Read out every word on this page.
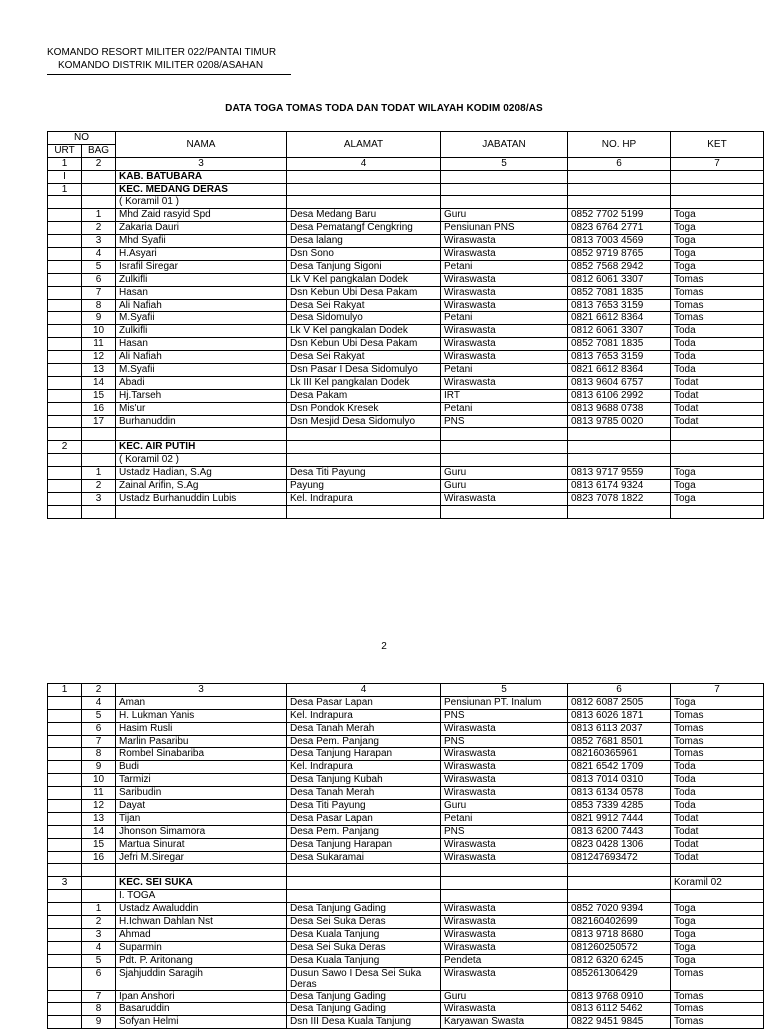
KOMANDO RESORT MILITER 022/PANTAI TIMUR
KOMANDO DISTRIK MILITER 0208/ASAHAN
DATA TOGA TOMAS TODA DAN TODAT WILAYAH KODIM 0208/AS
NO		NAMA	ALAMAT	JABATAN	NO. HP	KET
URT	BAG					
1	2	3	4	5	6	7
I		KAB. BATUBARA				
1		KEC. MEDANG DERAS				
		( Koramil 01 )				
	1	Mhd Zaid rasyid Spd	Desa Medang Baru	Guru	0852 7702 5199	Toga
	2	Zakaria Dauri	Desa Pematangf Cengkring	Pensiunan PNS	0823 6764 2771	Toga
	3	Mhd Syafii	Desa lalang	Wiraswasta	0813 7003 4569	Toga
	4	H.Asyari	Dsn Sono	Wiraswasta	0852 9719 8765	Toga
	5	Israfil Siregar	Desa Tanjung Sigoni	Petani	0852 7568 2942	Toga
	6	Zulkifli	Lk V Kel pangkalan Dodek	Wiraswasta	0812 6061 3307	Tomas
	7	Hasan	Dsn Kebun Ubi Desa Pakam	Wiraswasta	0852 7081 1835	Tomas
	8	Ali Nafiah	Desa Sei Rakyat	Wiraswasta	0813 7653 3159	Tomas
	9	M.Syafii	Desa Sidomulyo	Petani	0821 6612 8364	Tomas
	10	Zulkifli	Lk V Kel pangkalan Dodek	Wiraswasta	0812 6061 3307	Toda
	11	Hasan	Dsn Kebun Ubi Desa Pakam	Wiraswasta	0852 7081 1835	Toda
	12	Ali Nafiah	Desa Sei Rakyat	Wiraswasta	0813 7653 3159	Toda
	13	M.Syafii	Dsn Pasar I Desa Sidomulyo	Petani	0821 6612 8364	Toda
	14	Abadi	Lk III Kel pangkalan Dodek	Wiraswasta	0813 9604 6757	Todat
	15	Hj.Tarseh	Desa Pakam	IRT	0813 6106 2992	Todat
	16	Mis'ur	Dsn Pondok Kresek	Petani	0813 9688 0738	Todat
	17	Burhanuddin	Dsn Mesjid Desa Sidomulyo	PNS	0813 9785 0020	Todat

2		KEC. AIR PUTIH				
		( Koramil 02 )				
	1	Ustadz Hadian, S.Ag	Desa Titi Payung	Guru	0813 9717 9559	Toga
	2	Zainal Arifin, S.Ag	Payung	Guru	0813 6174 9324	Toga
	3	Ustadz Burhanuddin Lubis	Kel. Indrapura	Wiraswasta	0823 7078 1822	Toga

2
1	2	3	4	5	6	7
	4	Aman	Desa Pasar Lapan	Pensiunan PT. Inalum	0812 6087 2505	Toga
	5	H. Lukman Yanis	Kel. Indrapura	PNS	0813 6026 1871	Tomas
	6	Hasim Rusli	Desa Tanah Merah	Wiraswasta	0813 6113 2037	Tomas
	7	Marlin Pasaribu	Desa Pem. Panjang	PNS	0852 7681 8501	Tomas
	8	Rombel Sinabariba	Desa Tanjung Harapan	Wiraswasta	082160365961	Tomas
	9	Budi	Kel. Indrapura	Wiraswasta	0821 6542 1709	Toda
	10	Tarmizi	Desa Tanjung Kubah	Wiraswasta	0813 7014 0310	Toda
	11	Saribudin	Desa Tanah Merah	Wiraswasta	0813 6134 0578	Toda
	12	Dayat	Desa Titi Payung	Guru	0853 7339 4285	Toda
	13	Tijan	Desa Pasar Lapan	Petani	0821 9912 7444	Todat
	14	Jhonson Simamora	Desa Pem. Panjang	PNS	0813 6200 7443	Todat
	15	Martua Sinurat	Desa Tanjung Harapan	Wiraswasta	0823 0428 1306	Todat
	16	Jefri M.Siregar	Desa Sukaramai	Wiraswasta	081247693472	Todat

3		KEC. SEI SUKA				Koramil 02
		I. TOGA				
	1	Ustadz Awaluddin	Desa Tanjung Gading	Wiraswasta	0852 7020 9394	Toga
	2	H.Ichwan Dahlan Nst	Desa Sei Suka Deras	Wiraswasta	082160402699	Toga
	3	Ahmad	Desa Kuala Tanjung	Wiraswasta	0813 9718 8680	Toga
	4	Suparmin	Desa Sei Suka Deras	Wiraswasta	081260250572	Toga
	5	Pdt. P. Aritonang	Desa Kuala Tanjung	Pendeta	0812 6320 6245	Toga
	6	Sjahjuddin Saragih	Dusun Sawo I Desa Sei Suka Deras	Wiraswasta	085261306429	Tomas
	7	Ipan Anshori	Desa Tanjung Gading	Guru	0813 9768 0910	Tomas
	8	Basaruddin	Desa Tanjung Gading	Wiraswasta	0813 6112 5462	Tomas
	9	Sofyan Helmi	Dsn III Desa Kuala Tanjung	Karyawan Swasta	0822 9451 9845	Tomas
